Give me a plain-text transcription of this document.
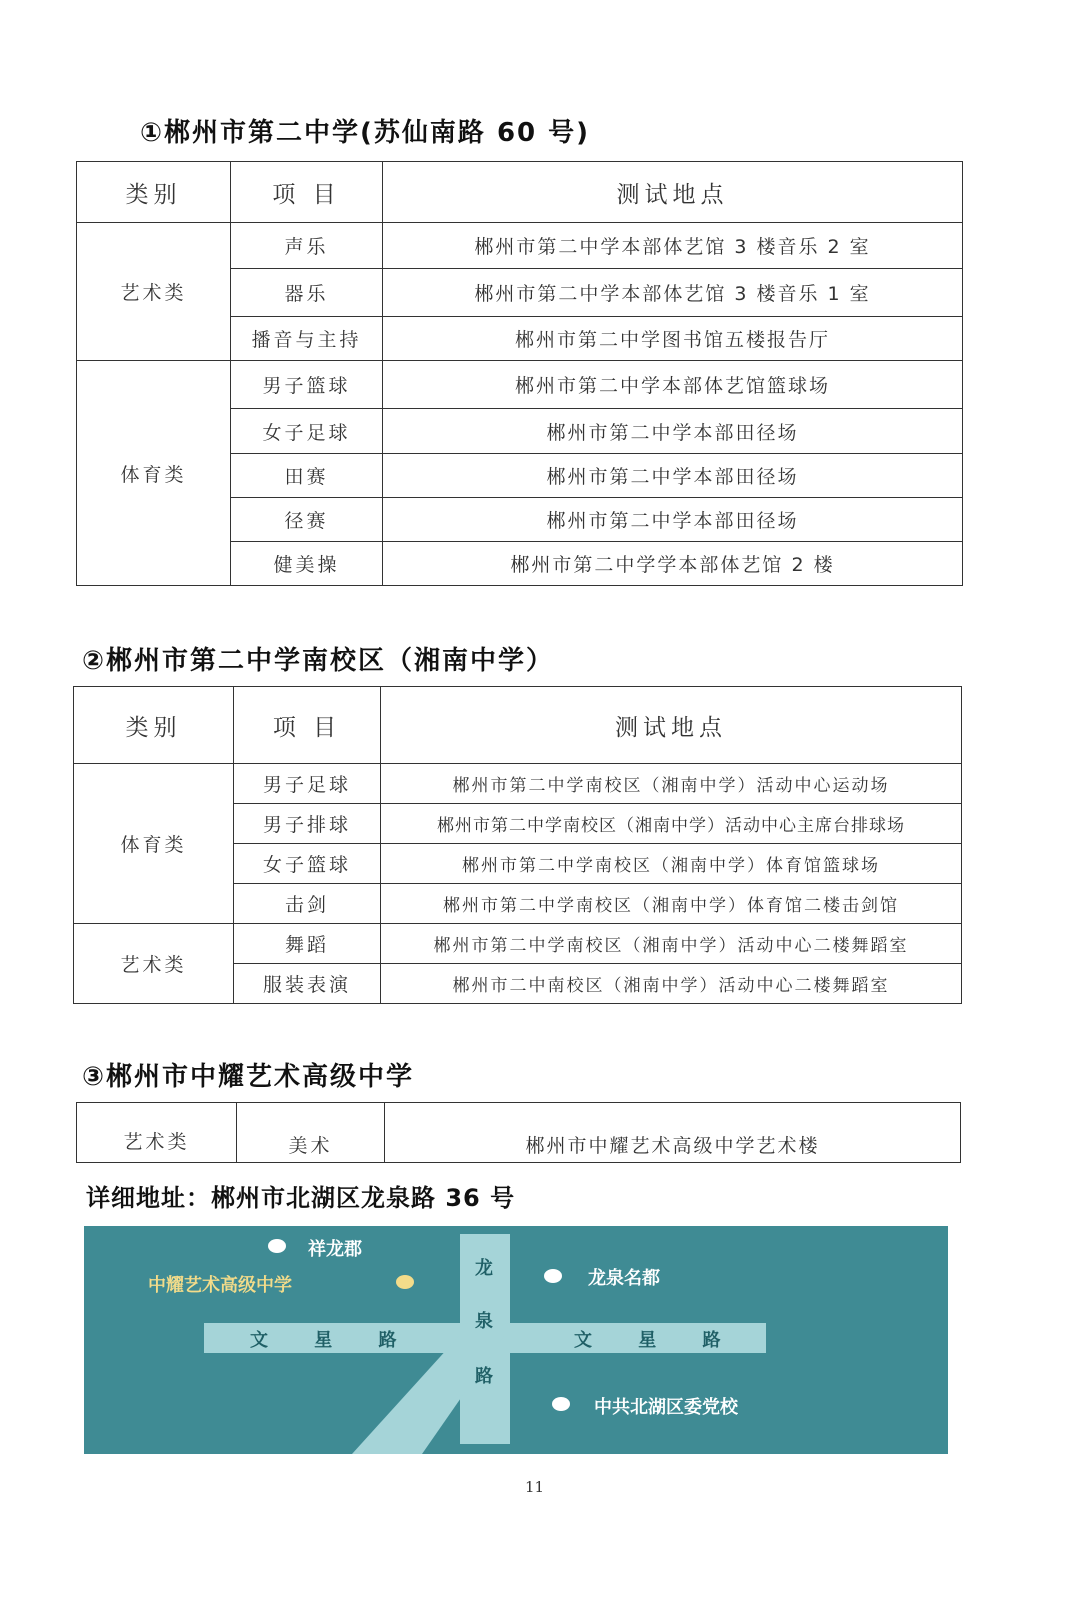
①郴州市第二中学(苏仙南路 60 号)
类别	项 目	测试地点
艺术类	声乐	郴州市第二中学本部体艺馆 3 楼音乐 2 室
	器乐	郴州市第二中学本部体艺馆 3 楼音乐 1 室
	播音与主持	郴州市第二中学图书馆五楼报告厅
体育类	男子篮球	郴州市第二中学本部体艺馆篮球场
	女子足球	郴州市第二中学本部田径场
	田赛	郴州市第二中学本部田径场
	径赛	郴州市第二中学本部田径场
	健美操	郴州市第二中学学本部体艺馆 2 楼
②郴州市第二中学南校区（湘南中学）
类别	项 目	测试地点
体育类	男子足球	郴州市第二中学南校区（湘南中学）活动中心运动场
	男子排球	郴州市第二中学南校区（湘南中学）活动中心主席台排球场
	女子篮球	郴州市第二中学南校区（湘南中学）体育馆篮球场
	击剑	郴州市第二中学南校区（湘南中学）体育馆二楼击剑馆
艺术类	舞蹈	郴州市第二中学南校区（湘南中学）活动中心二楼舞蹈室
	服装表演	郴州市二中南校区（湘南中学）活动中心二楼舞蹈室
③郴州市中耀艺术高级中学
艺术类	美术	郴州市中耀艺术高级中学艺术楼
详细地址：郴州市北湖区龙泉路 36 号
文 星 路	文 星 路
龙
泉
路
祥龙郡
中耀艺术高级中学	龙泉名都
中共北湖区委党校
11
